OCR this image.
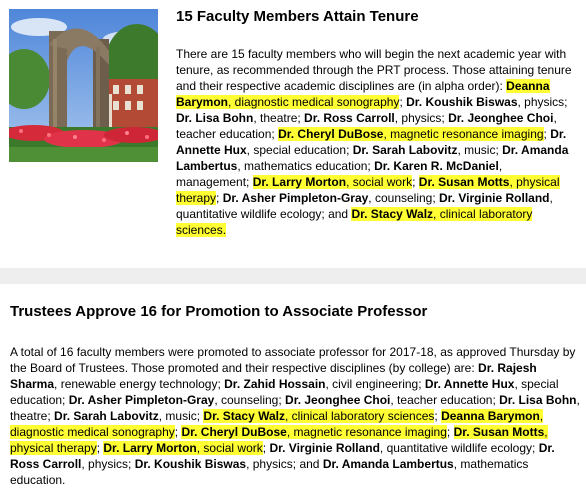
15 Faculty Members Attain Tenure

There are 15 faculty members who will begin the next academic year with tenure, as recommended through the PRT process. Those attaining tenure and their respective academic disciplines are (in alpha order): Deanna Barymon, diagnostic medical sonography; Dr. Koushik Biswas, physics; Dr. Lisa Bohn, theatre; Dr. Ross Carroll, physics; Dr. Jeonghee Choi, teacher education; Dr. Cheryl DuBose, magnetic resonance imaging; Dr. Annette Hux, special education; Dr. Sarah Labovitz, music; Dr. Amanda Lambertus, mathematics education; Dr. Karen R. McDaniel, management; Dr. Larry Morton, social work; Dr. Susan Motts, physical therapy; Dr. Asher Pimpleton-Gray, counseling; Dr. Virginie Rolland, quantitative wildlife ecology; and Dr. Stacy Walz, clinical laboratory sciences.

Trustees Approve 16 for Promotion to Associate Professor

A total of 16 faculty members were promoted to associate professor for 2017-18, as approved Thursday by the Board of Trustees. Those promoted and their respective disciplines (by college) are: Dr. Rajesh Sharma, renewable energy technology; Dr. Zahid Hossain, civil engineering; Dr. Annette Hux, special education; Dr. Asher Pimpleton-Gray, counseling; Dr. Jeonghee Choi, teacher education; Dr. Lisa Bohn, theatre; Dr. Sarah Labovitz, music; Dr. Stacy Walz, clinical laboratory sciences; Deanna Barymon, diagnostic medical sonography; Dr. Cheryl DuBose, magnetic resonance imaging; Dr. Susan Motts, physical therapy; Dr. Larry Morton, social work; Dr. Virginie Rolland, quantitative wildlife ecology; Dr. Ross Carroll, physics; Dr. Koushik Biswas, physics; and Dr. Amanda Lambertus, mathematics education.
